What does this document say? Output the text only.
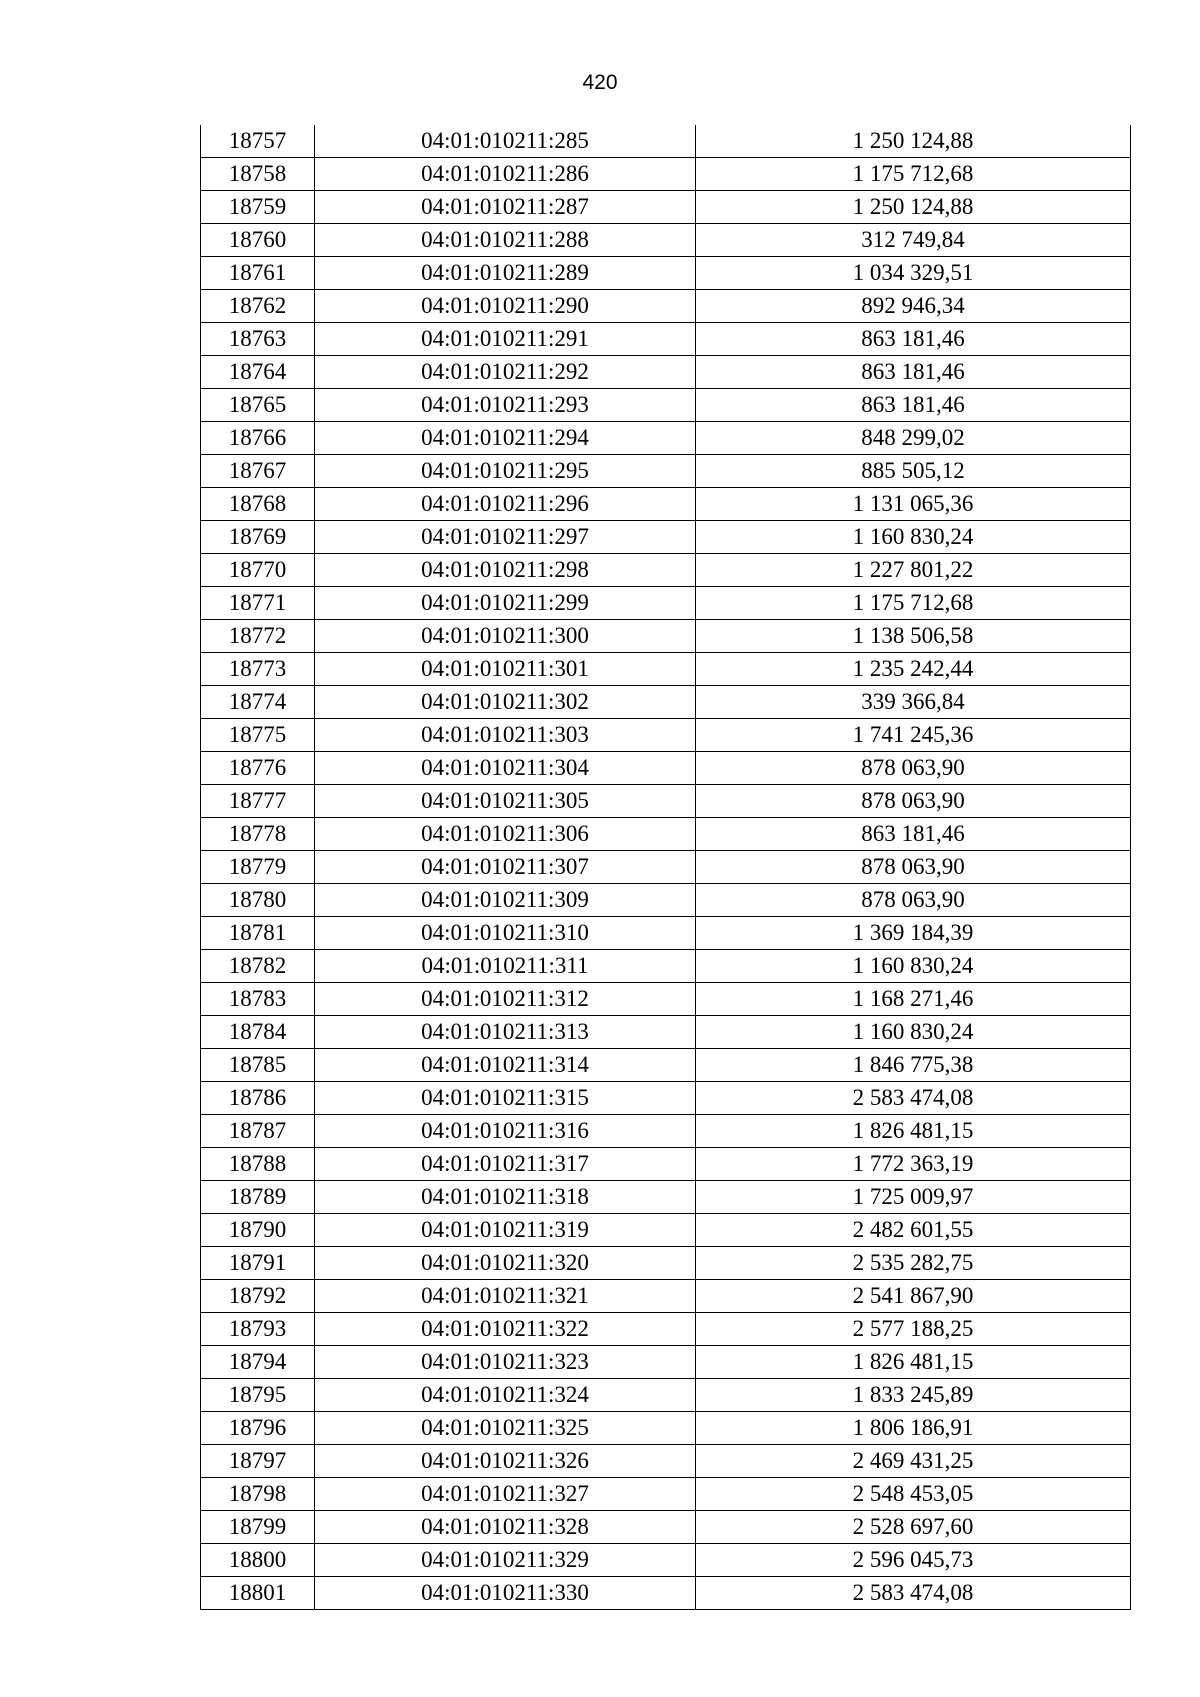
420
18757	04:01:010211:285	1 250 124,88
18758	04:01:010211:286	1 175 712,68
18759	04:01:010211:287	1 250 124,88
18760	04:01:010211:288	312 749,84
18761	04:01:010211:289	1 034 329,51
18762	04:01:010211:290	892 946,34
18763	04:01:010211:291	863 181,46
18764	04:01:010211:292	863 181,46
18765	04:01:010211:293	863 181,46
18766	04:01:010211:294	848 299,02
18767	04:01:010211:295	885 505,12
18768	04:01:010211:296	1 131 065,36
18769	04:01:010211:297	1 160 830,24
18770	04:01:010211:298	1 227 801,22
18771	04:01:010211:299	1 175 712,68
18772	04:01:010211:300	1 138 506,58
18773	04:01:010211:301	1 235 242,44
18774	04:01:010211:302	339 366,84
18775	04:01:010211:303	1 741 245,36
18776	04:01:010211:304	878 063,90
18777	04:01:010211:305	878 063,90
18778	04:01:010211:306	863 181,46
18779	04:01:010211:307	878 063,90
18780	04:01:010211:309	878 063,90
18781	04:01:010211:310	1 369 184,39
18782	04:01:010211:311	1 160 830,24
18783	04:01:010211:312	1 168 271,46
18784	04:01:010211:313	1 160 830,24
18785	04:01:010211:314	1 846 775,38
18786	04:01:010211:315	2 583 474,08
18787	04:01:010211:316	1 826 481,15
18788	04:01:010211:317	1 772 363,19
18789	04:01:010211:318	1 725 009,97
18790	04:01:010211:319	2 482 601,55
18791	04:01:010211:320	2 535 282,75
18792	04:01:010211:321	2 541 867,90
18793	04:01:010211:322	2 577 188,25
18794	04:01:010211:323	1 826 481,15
18795	04:01:010211:324	1 833 245,89
18796	04:01:010211:325	1 806 186,91
18797	04:01:010211:326	2 469 431,25
18798	04:01:010211:327	2 548 453,05
18799	04:01:010211:328	2 528 697,60
18800	04:01:010211:329	2 596 045,73
18801	04:01:010211:330	2 583 474,08
